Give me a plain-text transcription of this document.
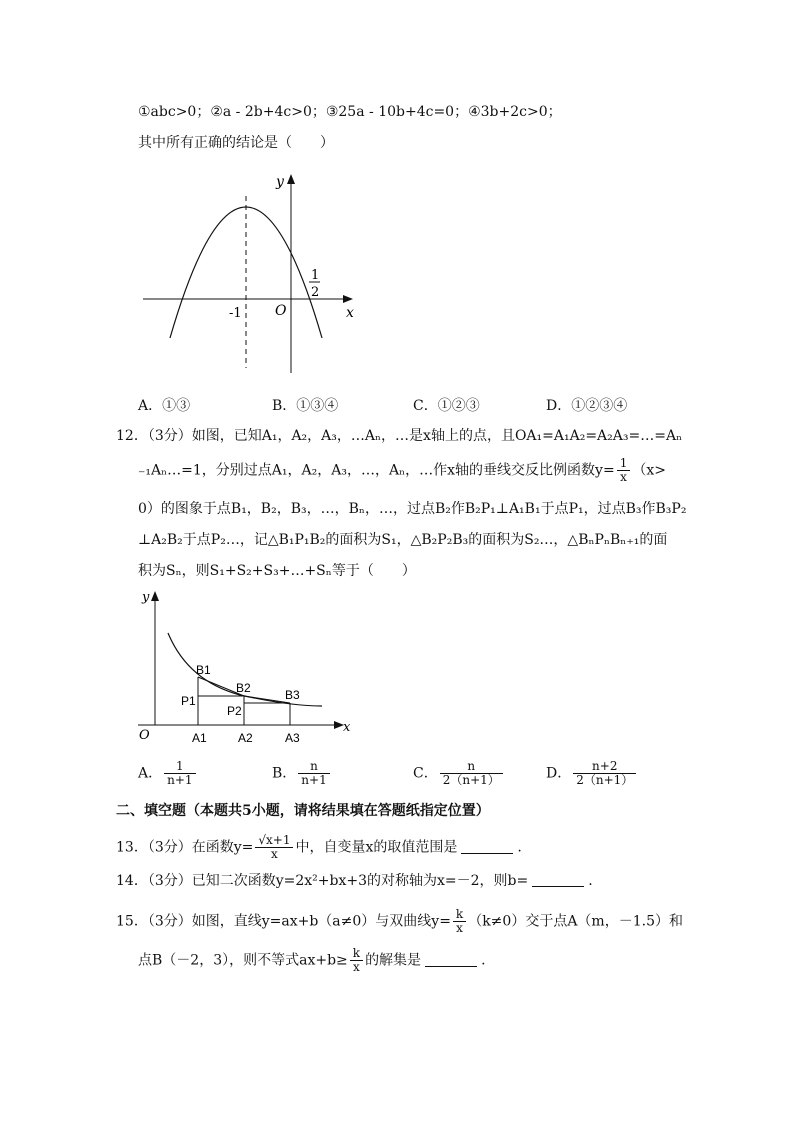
①abc>0；②a - 2b+4c>0；③25a - 10b+4c=0；④3b+2c>0；
其中所有正确的结论是（　　）
y
x
O
-1
1
2
A．①③	B．①③④	C．①②③	D．①②③④
12．（3分）如图，已知A₁，A₂，A₃，…Aₙ，…是x轴上的点，且OA₁=A₁A₂=A₂A₃=…=Aₙ
₋₁Aₙ…=1，分别过点A₁，A₂，A₃，…，Aₙ，…作x轴的垂线交反比例函数$y= \frac{1}{x} (x>$
0）的图象于点B₁，B₂，B₃，…，Bₙ，…，过点B₂作B₂P₁⊥A₁B₁于点P₁，过点B₃作B₃P₂
⊥A₂B₂于点P₂…，记△B₁P₁B₂的面积为S₁，△B₂P₂B₃的面积为S₂…，△BₙPₙBₙ₊₁的面
积为Sₙ，则S₁+S₂+S₃+…+Sₙ等于（　　）
y
x
O
B1
B2	B3
P1
P2
A1	A2	A3
A． $\frac{1}{n+1}$	B． $\frac{n}{n+1}$	C． $\frac{n}{2(n+1)}$	D． $\frac{n+2}{2(n+1)}$
二、填空题（本题共5小题，请将结果填在答题纸指定位置）
13．（3分）在函数$y= \frac{√x+1}{x}$ 中，自变量x的取值范围是	.
14．（3分）已知二次函数y=2x²+bx+3的对称轴为x=－2，则b=	.
15．（3分）如图，直线y=ax+b（a≠0）与双曲线$y= \frac{k}{x} (k\ne 0)$交于点A（m，－1.5）和
点B（－2，3），则不等式$ax+b\ge \frac{k}{x}$ 的解集是	.
